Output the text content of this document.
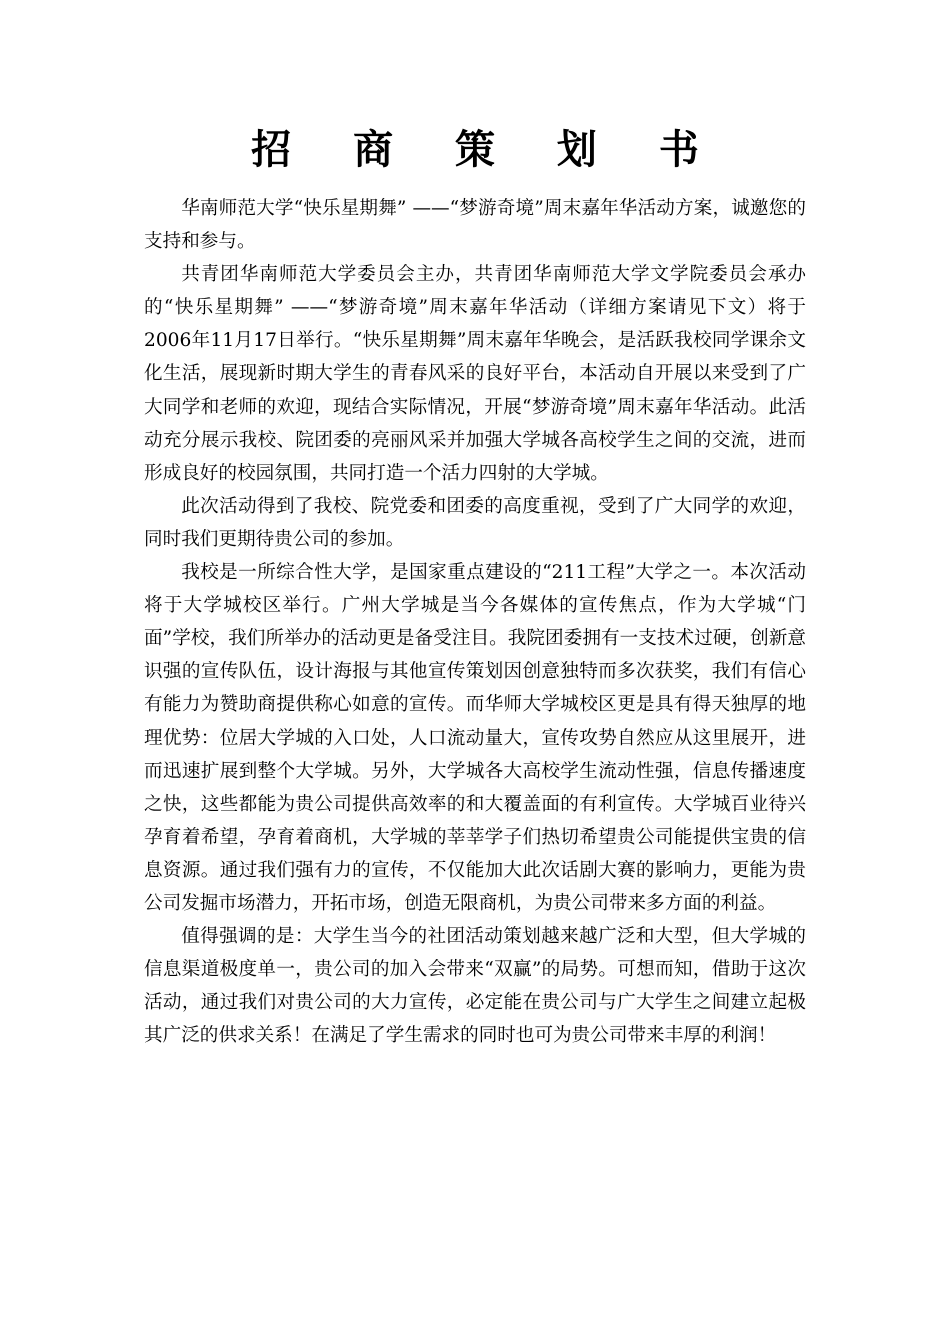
招 商 策 划 书

华南师范大学“快乐星期舞” ——“梦游奇境”周末嘉年华活动方案，诚邀您的支持和参与。

共青团华南师范大学委员会主办，共青团华南师范大学文学院委员会承办的“快乐星期舞” ——“梦游奇境”周末嘉年华活动（详细方案请见下文）将于2006年11月17日举行。“快乐星期舞”周末嘉年华晚会，是活跃我校同学课余文化生活，展现新时期大学生的青春风采的良好平台，本活动自开展以来受到了广大同学和老师的欢迎，现结合实际情况，开展“梦游奇境”周末嘉年华活动。此活动充分展示我校、院团委的亮丽风采并加强大学城各高校学生之间的交流，进而形成良好的校园氛围，共同打造一个活力四射的大学城。

此次活动得到了我校、院党委和团委的高度重视，受到了广大同学的欢迎，同时我们更期待贵公司的参加。

我校是一所综合性大学，是国家重点建设的“211工程”大学之一。本次活动将于大学城校区举行。广州大学城是当今各媒体的宣传焦点，作为大学城“门面”学校，我们所举办的活动更是备受注目。我院团委拥有一支技术过硬，创新意识强的宣传队伍，设计海报与其他宣传策划因创意独特而多次获奖，我们有信心有能力为赞助商提供称心如意的宣传。而华师大学城校区更是具有得天独厚的地理优势：位居大学城的入口处，人口流动量大，宣传攻势自然应从这里展开，进而迅速扩展到整个大学城。另外，大学城各大高校学生流动性强，信息传播速度之快，这些都能为贵公司提供高效率的和大覆盖面的有利宣传。大学城百业待兴孕育着希望，孕育着商机，大学城的莘莘学子们热切希望贵公司能提供宝贵的信息资源。通过我们强有力的宣传，不仅能加大此次话剧大赛的影响力，更能为贵公司发掘市场潜力，开拓市场，创造无限商机，为贵公司带来多方面的利益。

值得强调的是：大学生当今的社团活动策划越来越广泛和大型，但大学城的信息渠道极度单一，贵公司的加入会带来“双赢”的局势。可想而知，借助于这次活动，通过我们对贵公司的大力宣传，必定能在贵公司与广大学生之间建立起极其广泛的供求关系！在满足了学生需求的同时也可为贵公司带来丰厚的利润！
